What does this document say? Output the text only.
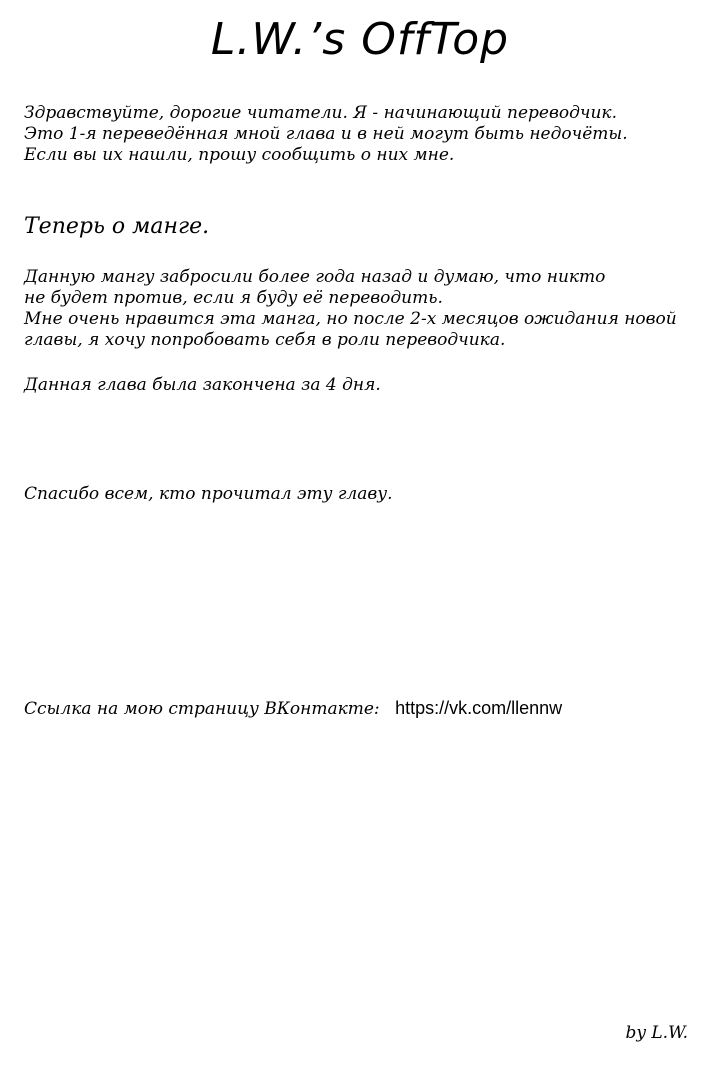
L.W.’s OffTop

Здравствуйте, дорогие читатели. Я - начинающий переводчик.

Это 1-я переведённая мной глава и в ней могут быть недочёты.

Если вы их нашли, прошу сообщить о них мне.

Теперь о манге.

Данную мангу забросили более года назад и думаю, что никто

не будет против, если я буду её переводить.

Мне очень нравится эта манга, но после 2-х месяцов ожидания новой

главы, я хочу попробовать себя в роли переводчика.

Данная глава была закончена за 4 дня.
Спасибо всем, кто прочитал эту главу.
Ссылка на мою страницу ВКонтакте: https://vk.com/llennw
by L.W.
